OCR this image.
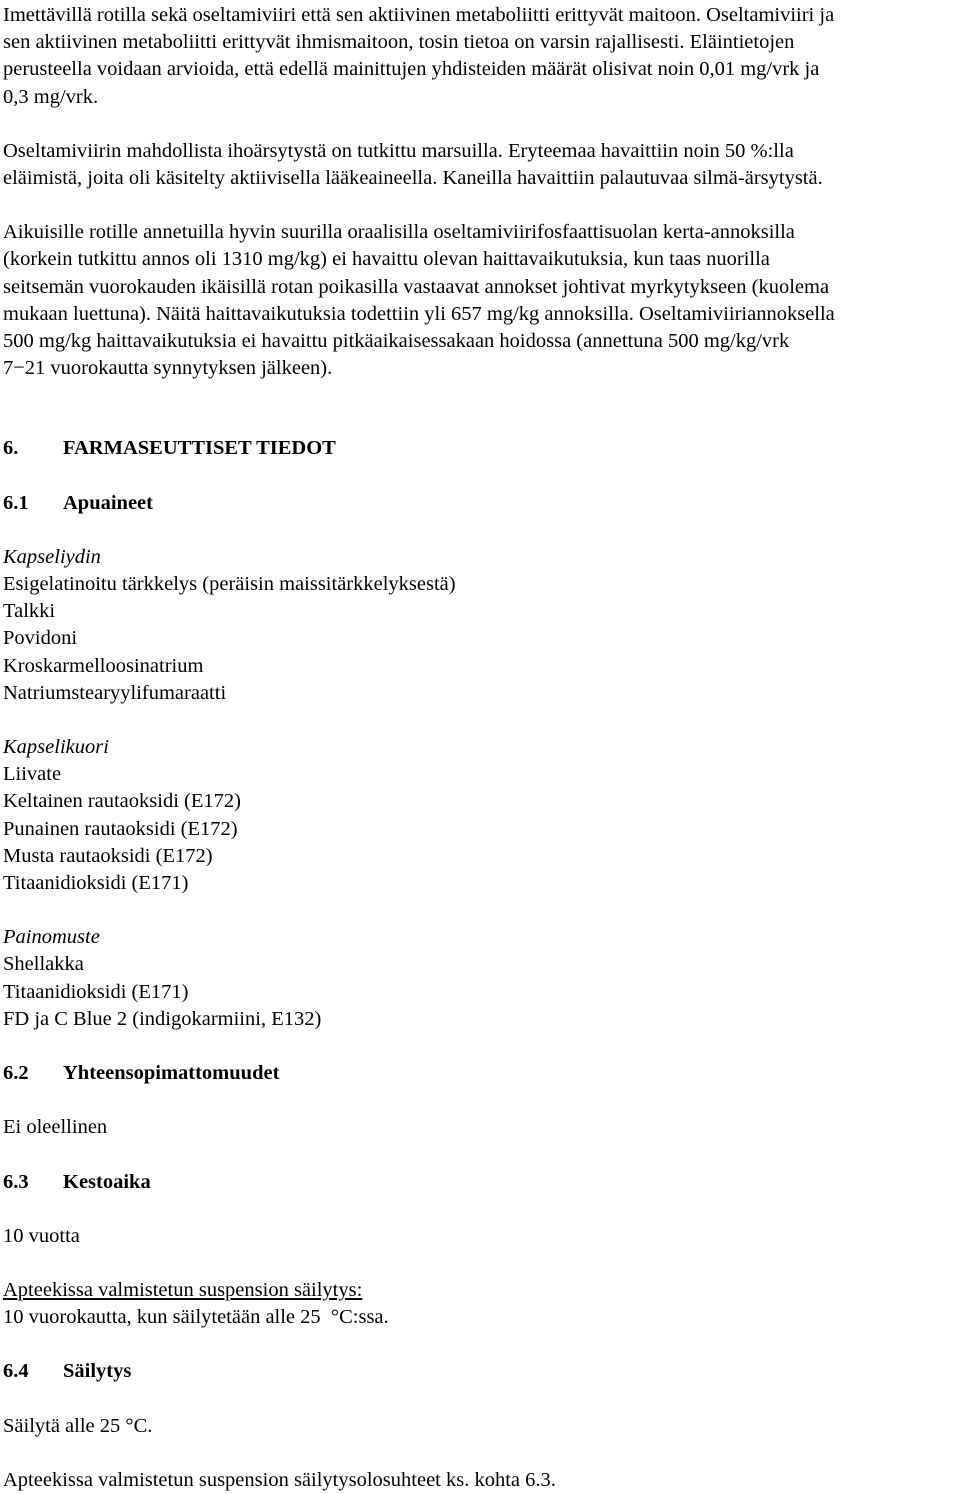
Imettävillä rotilla sekä oseltamiviiri että sen aktiivinen metaboliitti erittyvät maitoon. Oseltamiviiri ja

sen aktiivinen metaboliitti erittyvät ihmismaitoon, tosin tietoa on varsin rajallisesti. Eläintietojen

perusteella voidaan arvioida, että edellä mainittujen yhdisteiden määrät olisivat noin 0,01 mg/vrk ja

0,3 mg/vrk.

Oseltamiviirin mahdollista ihoärsytystä on tutkittu marsuilla. Eryteemaa havaittiin noin 50 %:lla

eläimistä, joita oli käsitelty aktiivisella lääkeaineella. Kaneilla havaittiin palautuvaa silmä-ärsytystä.

Aikuisille rotille annetuilla hyvin suurilla oraalisilla oseltamiviirifosfaattisuolan kerta-annoksilla

(korkein tutkittu annos oli 1310 mg/kg) ei havaittu olevan haittavaikutuksia, kun taas nuorilla

seitsemän vuorokauden ikäisillä rotan poikasilla vastaavat annokset johtivat myrkytykseen (kuolema

mukaan luettuna). Näitä haittavaikutuksia todettiin yli 657 mg/kg annoksilla. Oseltamiviiriannoksella

500 mg/kg haittavaikutuksia ei havaittu pitkäaikaisessakaan hoidossa (annettuna 500 mg/kg/vrk

7−21 vuorokautta synnytyksen jälkeen).

6. FARMASEUTTISET TIEDOT

6.1 Apuaineet

Kapseliydin

Esigelatinoitu tärkkelys (peräisin maissitärkkelyksestä)

Talkki

Povidoni

Kroskarmelloosinatrium

Natriumstearyylifumaraatti

Kapselikuori

Liivate

Keltainen rautaoksidi (E172)

Punainen rautaoksidi (E172)

Musta rautaoksidi (E172)

Titaanidioksidi (E171)

Painomuste

Shellakka

Titaanidioksidi (E171)

FD ja C Blue 2 (indigokarmiini, E132)

6.2 Yhteensopimattomuudet

Ei oleellinen

6.3 Kestoaika

10 vuotta

Apteekissa valmistetun suspension säilytys:

10 vuorokautta, kun säilytetään alle 25  °C:ssa.

6.4 Säilytys

Säilytä alle 25 °C.

Apteekissa valmistetun suspension säilytysolosuhteet ks. kohta 6.3.
